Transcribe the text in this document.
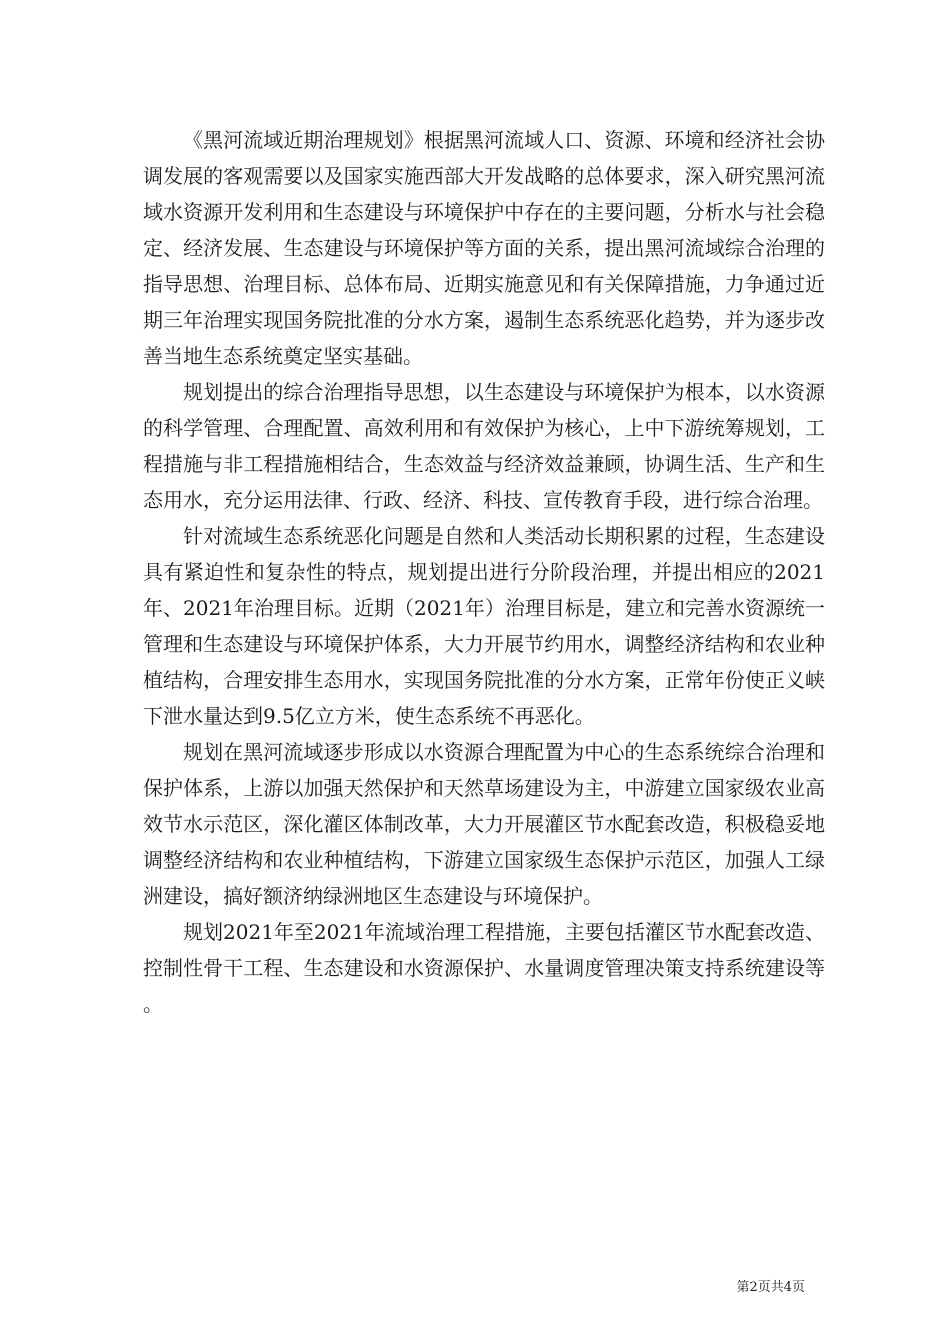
《黑河流域近期治理规划》根据黑河流域人口、资源、环境和经济社会协调发展的客观需要以及国家实施西部大开发战略的总体要求，深入研究黑河流域水资源开发利用和生态建设与环境保护中存在的主要问题，分析水与社会稳定、经济发展、生态建设与环境保护等方面的关系，提出黑河流域综合治理的指导思想、治理目标、总体布局、近期实施意见和有关保障措施，力争通过近期三年治理实现国务院批准的分水方案，遏制生态系统恶化趋势，并为逐步改善当地生态系统奠定坚实基础。

规划提出的综合治理指导思想，以生态建设与环境保护为根本，以水资源的科学管理、合理配置、高效利用和有效保护为核心，上中下游统筹规划，工程措施与非工程措施相结合，生态效益与经济效益兼顾，协调生活、生产和生态用水，充分运用法律、行政、经济、科技、宣传教育手段，进行综合治理。

针对流域生态系统恶化问题是自然和人类活动长期积累的过程，生态建设具有紧迫性和复杂性的特点，规划提出进行分阶段治理，并提出相应的2021年、2021年治理目标。近期（2021年）治理目标是，建立和完善水资源统一管理和生态建设与环境保护体系，大力开展节约用水，调整经济结构和农业种植结构，合理安排生态用水，实现国务院批准的分水方案，正常年份使正义峡下泄水量达到9.5亿立方米，使生态系统不再恶化。

规划在黑河流域逐步形成以水资源合理配置为中心的生态系统综合治理和保护体系，上游以加强天然保护和天然草场建设为主，中游建立国家级农业高效节水示范区，深化灌区体制改革，大力开展灌区节水配套改造，积极稳妥地调整经济结构和农业种植结构，下游建立国家级生态保护示范区，加强人工绿洲建设，搞好额济纳绿洲地区生态建设与环境保护。

规划2021年至2021年流域治理工程措施，主要包括灌区节水配套改造、控制性骨干工程、生态建设和水资源保护、水量调度管理决策支持系统建设等。

第2页共4页
